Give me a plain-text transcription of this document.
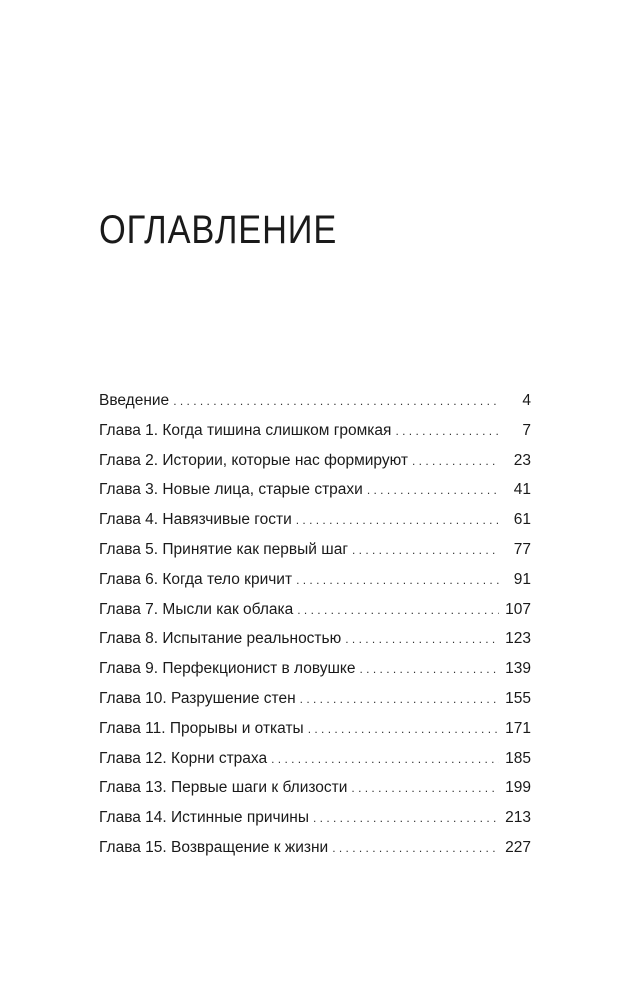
ОГЛАВЛЕНИЕ
Введение . . .	4
Глава 1. Когда тишина слишком громкая . . .	7
Глава 2. Истории, которые нас формируют . . .	23
Глава 3. Новые лица, старые страхи . . .	41
Глава 4. Навязчивые гости . . .	61
Глава 5. Принятие как первый шаг . . .	77
Глава 6. Когда тело кричит . . .	91
Глава 7. Мысли как облака . . .	107
Глава 8. Испытание реальностью . . .	123
Глава 9. Перфекционист в ловушке . . .	139
Глава 10. Разрушение стен . . .	155
Глава 11. Прорывы и откаты . . .	171
Глава 12. Корни страха . . .	185
Глава 13. Первые шаги к близости . . .	199
Глава 14. Истинные причины . . .	213
Глава 15. Возвращение к жизни . . .	227
